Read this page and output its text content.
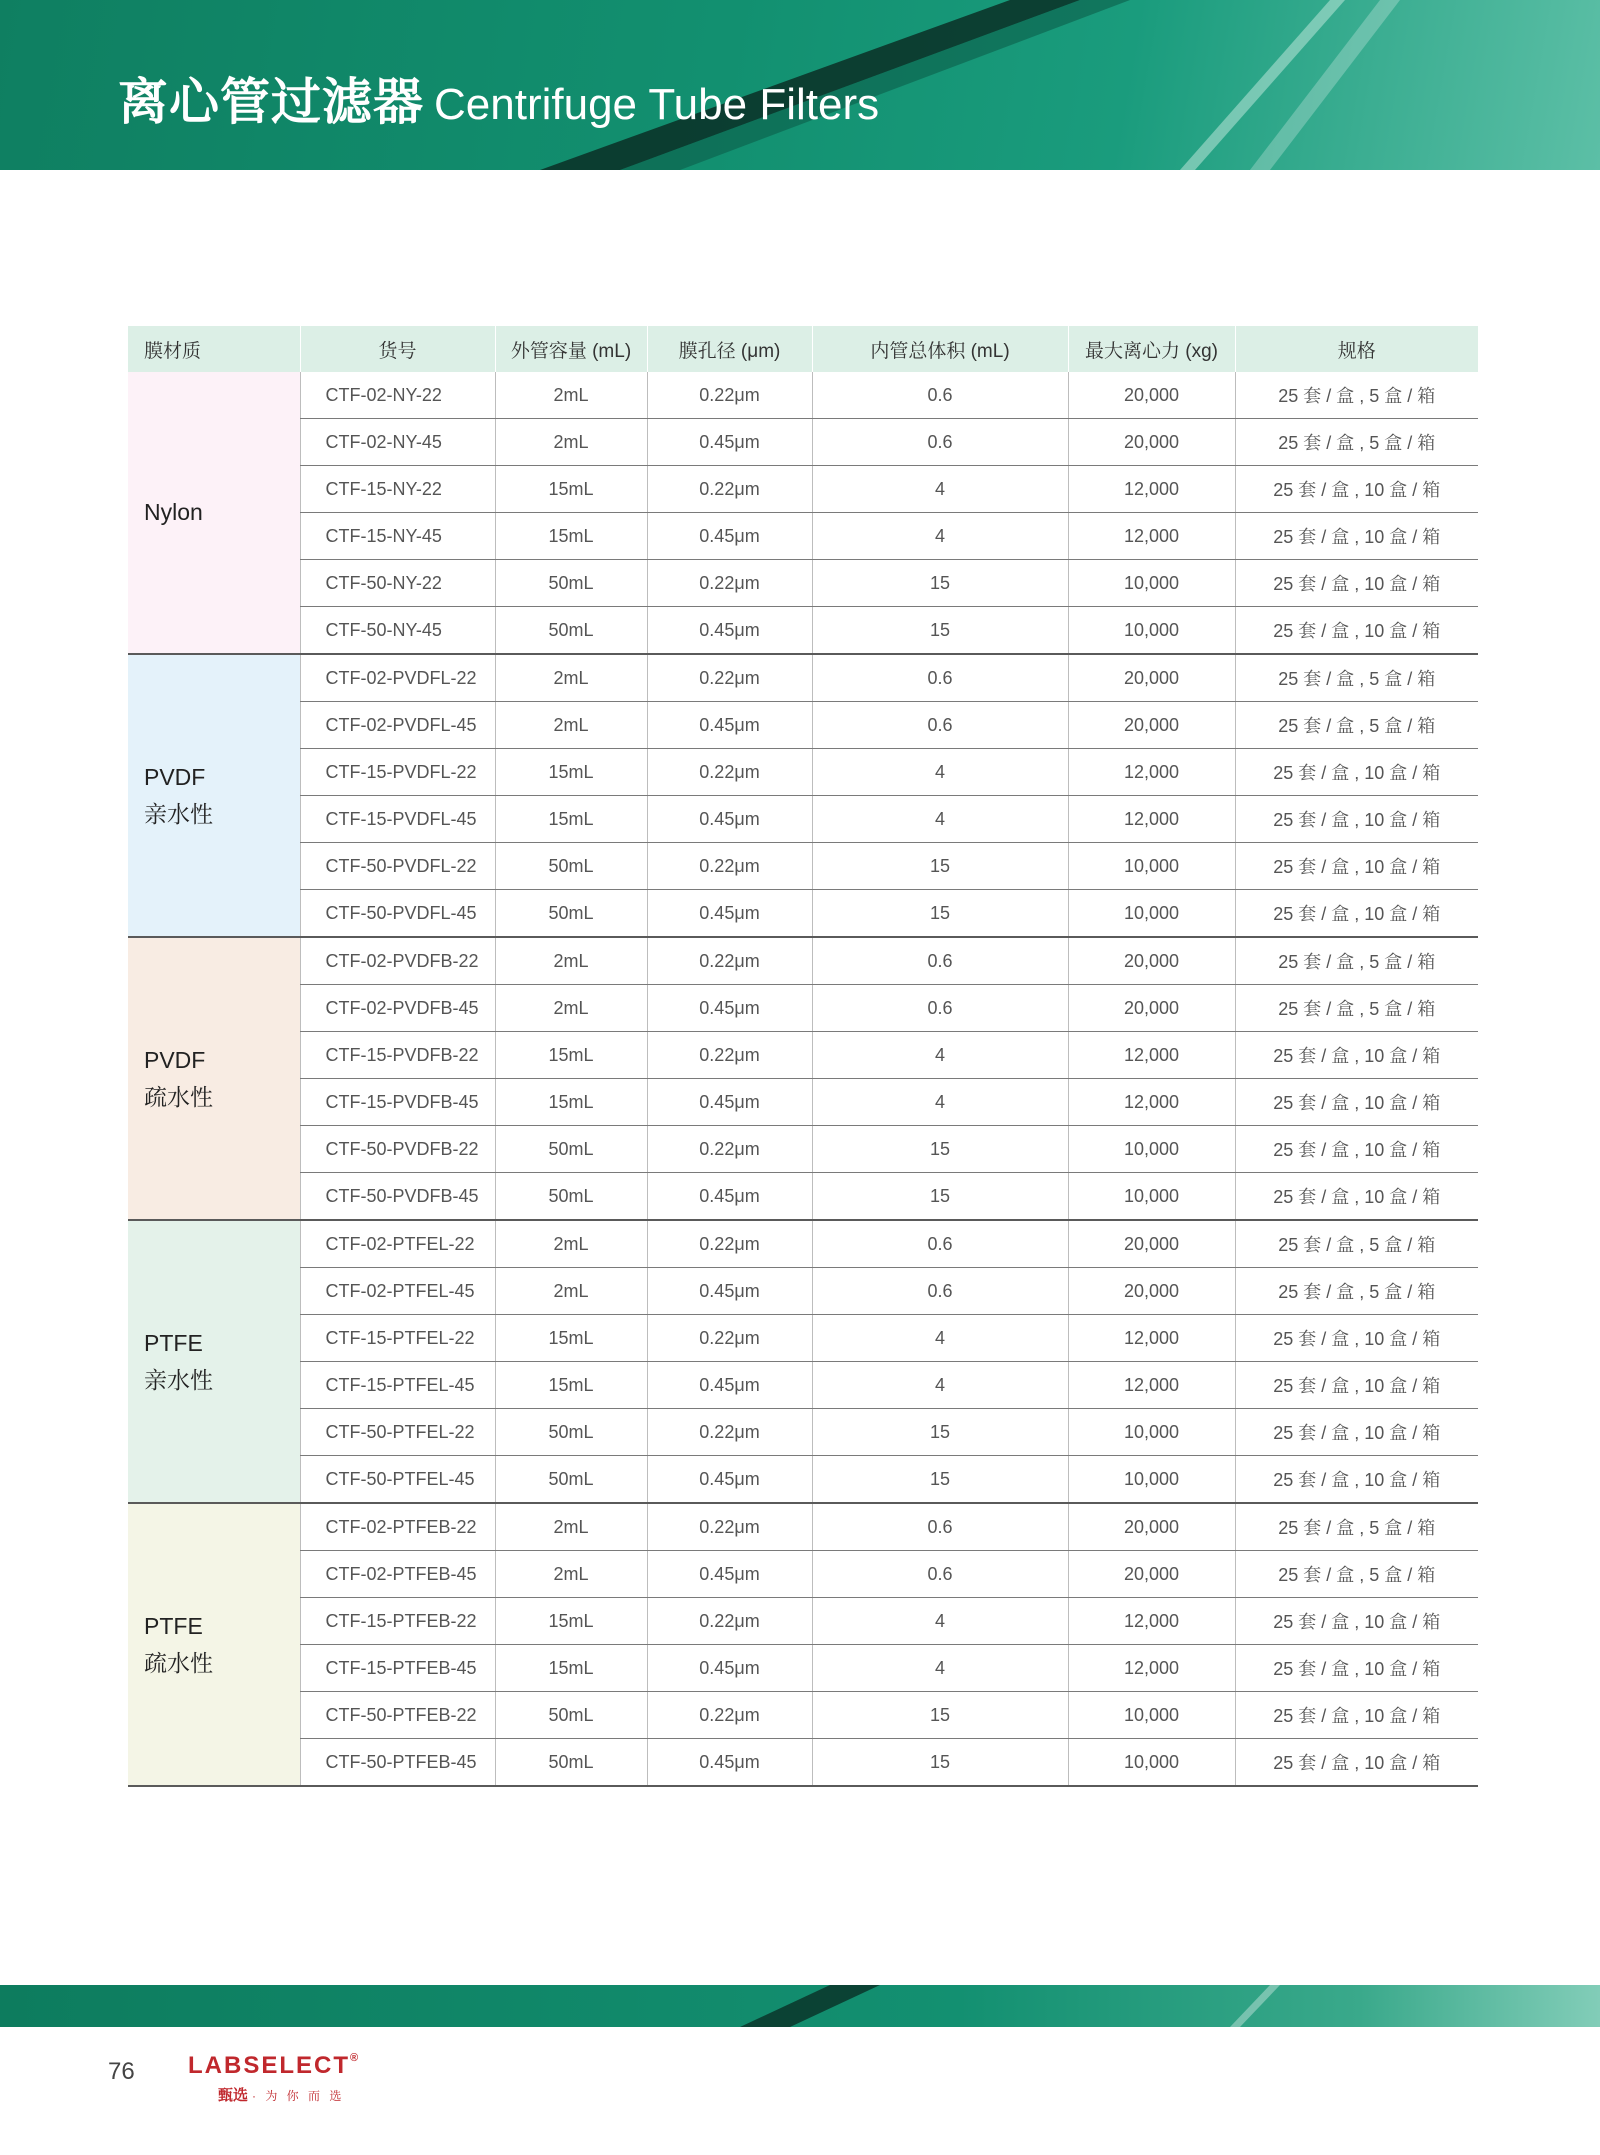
离心管过滤器 Centrifuge Tube Filters
膜材质	货号	外管容量 (mL)	膜孔径 (μm)	内管总体积 (mL)	最大离心力 (xg)	规格

Nylon	CTF-02-NY-22	2mL	0.22μm	0.6	20,000	25 套 / 盒 , 5 盒 / 箱
	CTF-02-NY-45	2mL	0.45μm	0.6	20,000	25 套 / 盒 , 5 盒 / 箱
	CTF-15-NY-22	15mL	0.22μm	4	12,000	25 套 / 盒 , 10 盒 / 箱
	CTF-15-NY-45	15mL	0.45μm	4	12,000	25 套 / 盒 , 10 盒 / 箱
	CTF-50-NY-22	50mL	0.22μm	15	10,000	25 套 / 盒 , 10 盒 / 箱
	CTF-50-NY-45	50mL	0.45μm	15	10,000	25 套 / 盒 , 10 盒 / 箱

PVDF
亲水性	CTF-02-PVDFL-22	2mL	0.22μm	0.6	20,000	25 套 / 盒 , 5 盒 / 箱
	CTF-02-PVDFL-45	2mL	0.45μm	0.6	20,000	25 套 / 盒 , 5 盒 / 箱
	CTF-15-PVDFL-22	15mL	0.22μm	4	12,000	25 套 / 盒 , 10 盒 / 箱
	CTF-15-PVDFL-45	15mL	0.45μm	4	12,000	25 套 / 盒 , 10 盒 / 箱
	CTF-50-PVDFL-22	50mL	0.22μm	15	10,000	25 套 / 盒 , 10 盒 / 箱
	CTF-50-PVDFL-45	50mL	0.45μm	15	10,000	25 套 / 盒 , 10 盒 / 箱

PVDF
疏水性	CTF-02-PVDFB-22	2mL	0.22μm	0.6	20,000	25 套 / 盒 , 5 盒 / 箱
	CTF-02-PVDFB-45	2mL	0.45μm	0.6	20,000	25 套 / 盒 , 5 盒 / 箱
	CTF-15-PVDFB-22	15mL	0.22μm	4	12,000	25 套 / 盒 , 10 盒 / 箱
	CTF-15-PVDFB-45	15mL	0.45μm	4	12,000	25 套 / 盒 , 10 盒 / 箱
	CTF-50-PVDFB-22	50mL	0.22μm	15	10,000	25 套 / 盒 , 10 盒 / 箱
	CTF-50-PVDFB-45	50mL	0.45μm	15	10,000	25 套 / 盒 , 10 盒 / 箱

PTFE
亲水性	CTF-02-PTFEL-22	2mL	0.22μm	0.6	20,000	25 套 / 盒 , 5 盒 / 箱
	CTF-02-PTFEL-45	2mL	0.45μm	0.6	20,000	25 套 / 盒 , 5 盒 / 箱
	CTF-15-PTFEL-22	15mL	0.22μm	4	12,000	25 套 / 盒 , 10 盒 / 箱
	CTF-15-PTFEL-45	15mL	0.45μm	4	12,000	25 套 / 盒 , 10 盒 / 箱
	CTF-50-PTFEL-22	50mL	0.22μm	15	10,000	25 套 / 盒 , 10 盒 / 箱
	CTF-50-PTFEL-45	50mL	0.45μm	15	10,000	25 套 / 盒 , 10 盒 / 箱

PTFE
疏水性	CTF-02-PTFEB-22	2mL	0.22μm	0.6	20,000	25 套 / 盒 , 5 盒 / 箱
	CTF-02-PTFEB-45	2mL	0.45μm	0.6	20,000	25 套 / 盒 , 5 盒 / 箱
	CTF-15-PTFEB-22	15mL	0.22μm	4	12,000	25 套 / 盒 , 10 盒 / 箱
	CTF-15-PTFEB-45	15mL	0.45μm	4	12,000	25 套 / 盒 , 10 盒 / 箱
	CTF-50-PTFEB-22	50mL	0.22μm	15	10,000	25 套 / 盒 , 10 盒 / 箱
	CTF-50-PTFEB-45	50mL	0.45μm	15	10,000	25 套 / 盒 , 10 盒 / 箱
76 LABSELECT®
甄选 · 为 你 而 选
